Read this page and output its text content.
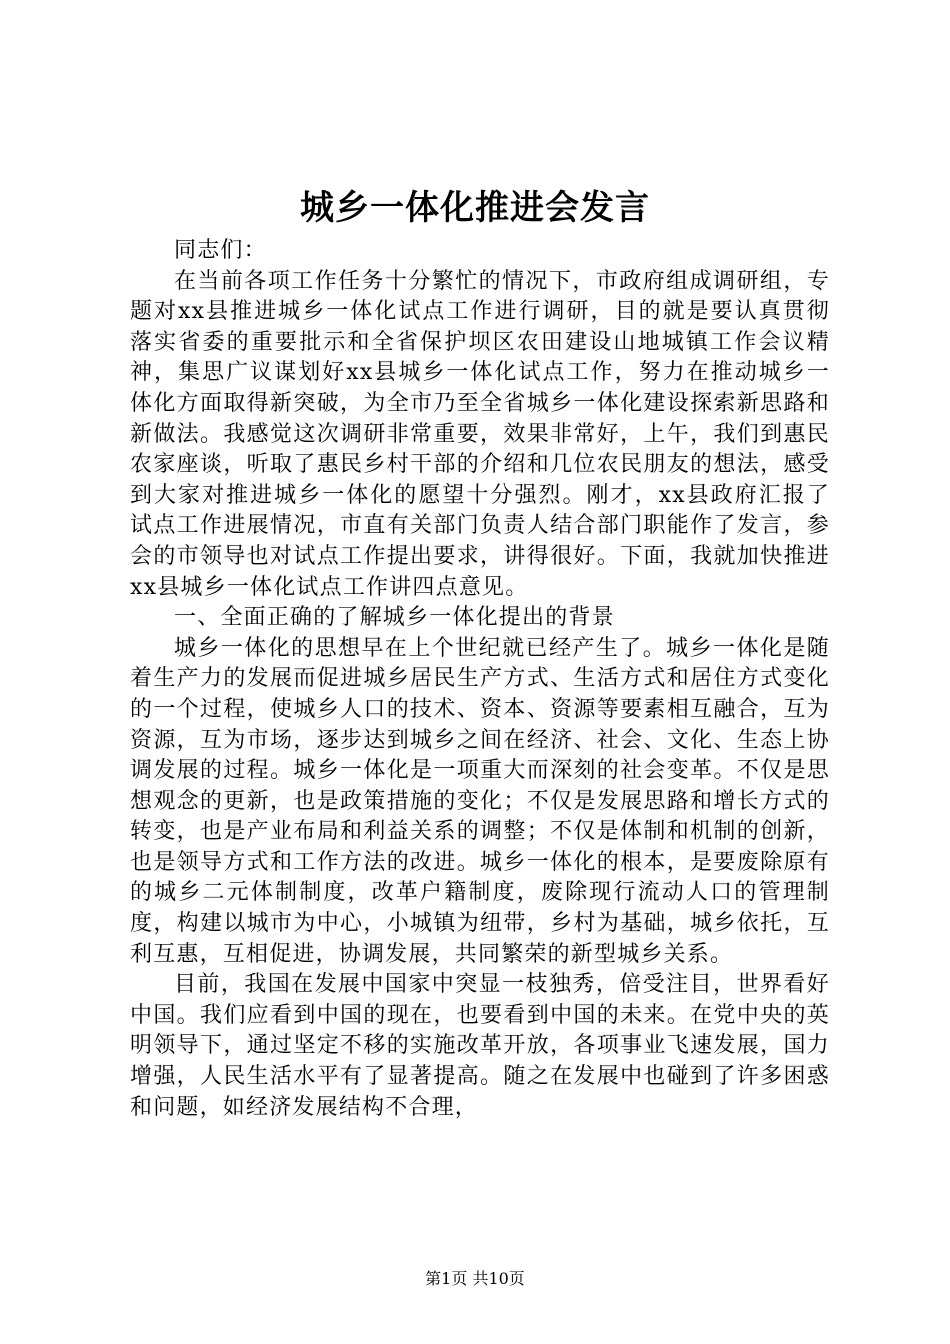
城乡一体化推进会发言

同志们：

在当前各项工作任务十分繁忙的情况下，市政府组成调研组，专题对xx县推进城乡一体化试点工作进行调研，目的就是要认真贯彻落实省委的重要批示和全省保护坝区农田建设山地城镇工作会议精神，集思广议谋划好xx县城乡一体化试点工作，努力在推动城乡一体化方面取得新突破，为全市乃至全省城乡一体化建设探索新思路和新做法。我感觉这次调研非常重要，效果非常好，上午，我们到惠民农家座谈，听取了惠民乡村干部的介绍和几位农民朋友的想法，感受到大家对推进城乡一体化的愿望十分强烈。刚才，xx县政府汇报了试点工作进展情况，市直有关部门负责人结合部门职能作了发言，参会的市领导也对试点工作提出要求，讲得很好。下面，我就加快推进xx县城乡一体化试点工作讲四点意见。

一、全面正确的了解城乡一体化提出的背景

城乡一体化的思想早在上个世纪就已经产生了。城乡一体化是随着生产力的发展而促进城乡居民生产方式、生活方式和居住方式变化的一个过程，使城乡人口的技术、资本、资源等要素相互融合，互为资源，互为市场，逐步达到城乡之间在经济、社会、文化、生态上协调发展的过程。城乡一体化是一项重大而深刻的社会变革。不仅是思想观念的更新，也是政策措施的变化；不仅是发展思路和增长方式的转变，也是产业布局和利益关系的调整；不仅是体制和机制的创新，也是领导方式和工作方法的改进。城乡一体化的根本，是要废除原有的城乡二元体制制度，改革户籍制度，废除现行流动人口的管理制度，构建以城市为中心，小城镇为纽带，乡村为基础，城乡依托，互利互惠，互相促进，协调发展，共同繁荣的新型城乡关系。

目前，我国在发展中国家中突显一枝独秀，倍受注目，世界看好中国。我们应看到中国的现在，也要看到中国的未来。在党中央的英明领导下，通过坚定不移的实施改革开放，各项事业飞速发展，国力增强，人民生活水平有了显著提高。随之在发展中也碰到了许多困惑和问题，如经济发展结构不合理，

第1页 共10页
